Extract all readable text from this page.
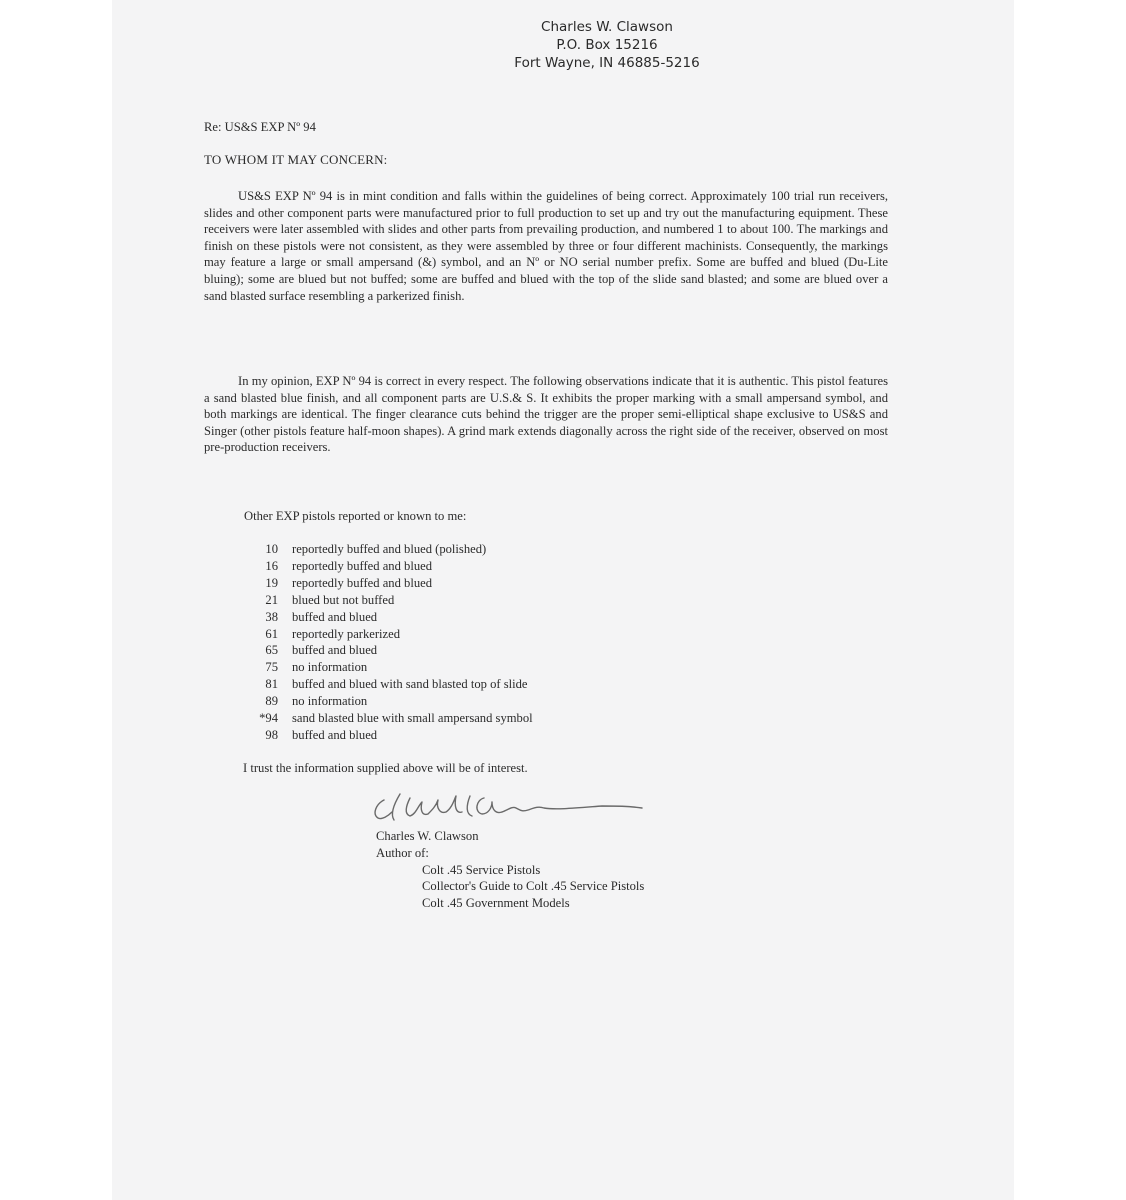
Charles W. Clawson
P.O. Box 15216
Fort Wayne, IN 46885-5216
Re: US&S EXP Nº 94
TO WHOM IT MAY CONCERN:
US&S EXP Nº 94 is in mint condition and falls within the guidelines of being correct. Approximately 100 trial run receivers, slides and other component parts were manufactured prior to full production to set up and try out the manufacturing equipment. These receivers were later assembled with slides and other parts from prevailing production, and numbered 1 to about 100. The markings and finish on these pistols were not consistent, as they were assembled by three or four different machinists. Consequently, the markings may feature a large or small ampersand (&) symbol, and an Nº or NO serial number prefix. Some are buffed and blued (Du-Lite bluing); some are blued but not buffed; some are buffed and blued with the top of the slide sand blasted; and some are blued over a sand blasted surface resembling a parkerized finish.
In my opinion, EXP Nº 94 is correct in every respect. The following observations indicate that it is authentic. This pistol features a sand blasted blue finish, and all component parts are U.S.& S. It exhibits the proper marking with a small ampersand symbol, and both markings are identical. The finger clearance cuts behind the trigger are the proper semi-elliptical shape exclusive to US&S and Singer (other pistols feature half-moon shapes). A grind mark extends diagonally across the right side of the receiver, observed on most pre-production receivers.
Other EXP pistols reported or known to me:
10	reportedly buffed and blued (polished)
16	reportedly buffed and blued
19	reportedly buffed and blued
21	blued but not buffed
38	buffed and blued
61	reportedly parkerized
65	buffed and blued
75	no information
81	buffed and blued with sand blasted top of slide
89	no information
*94	sand blasted blue with small ampersand symbol
98	buffed and blued
I trust the information supplied above will be of interest.
Charles W. Clawson
Author of:
Colt .45 Service Pistols
Collector's Guide to Colt .45 Service Pistols
Colt .45 Government Models
